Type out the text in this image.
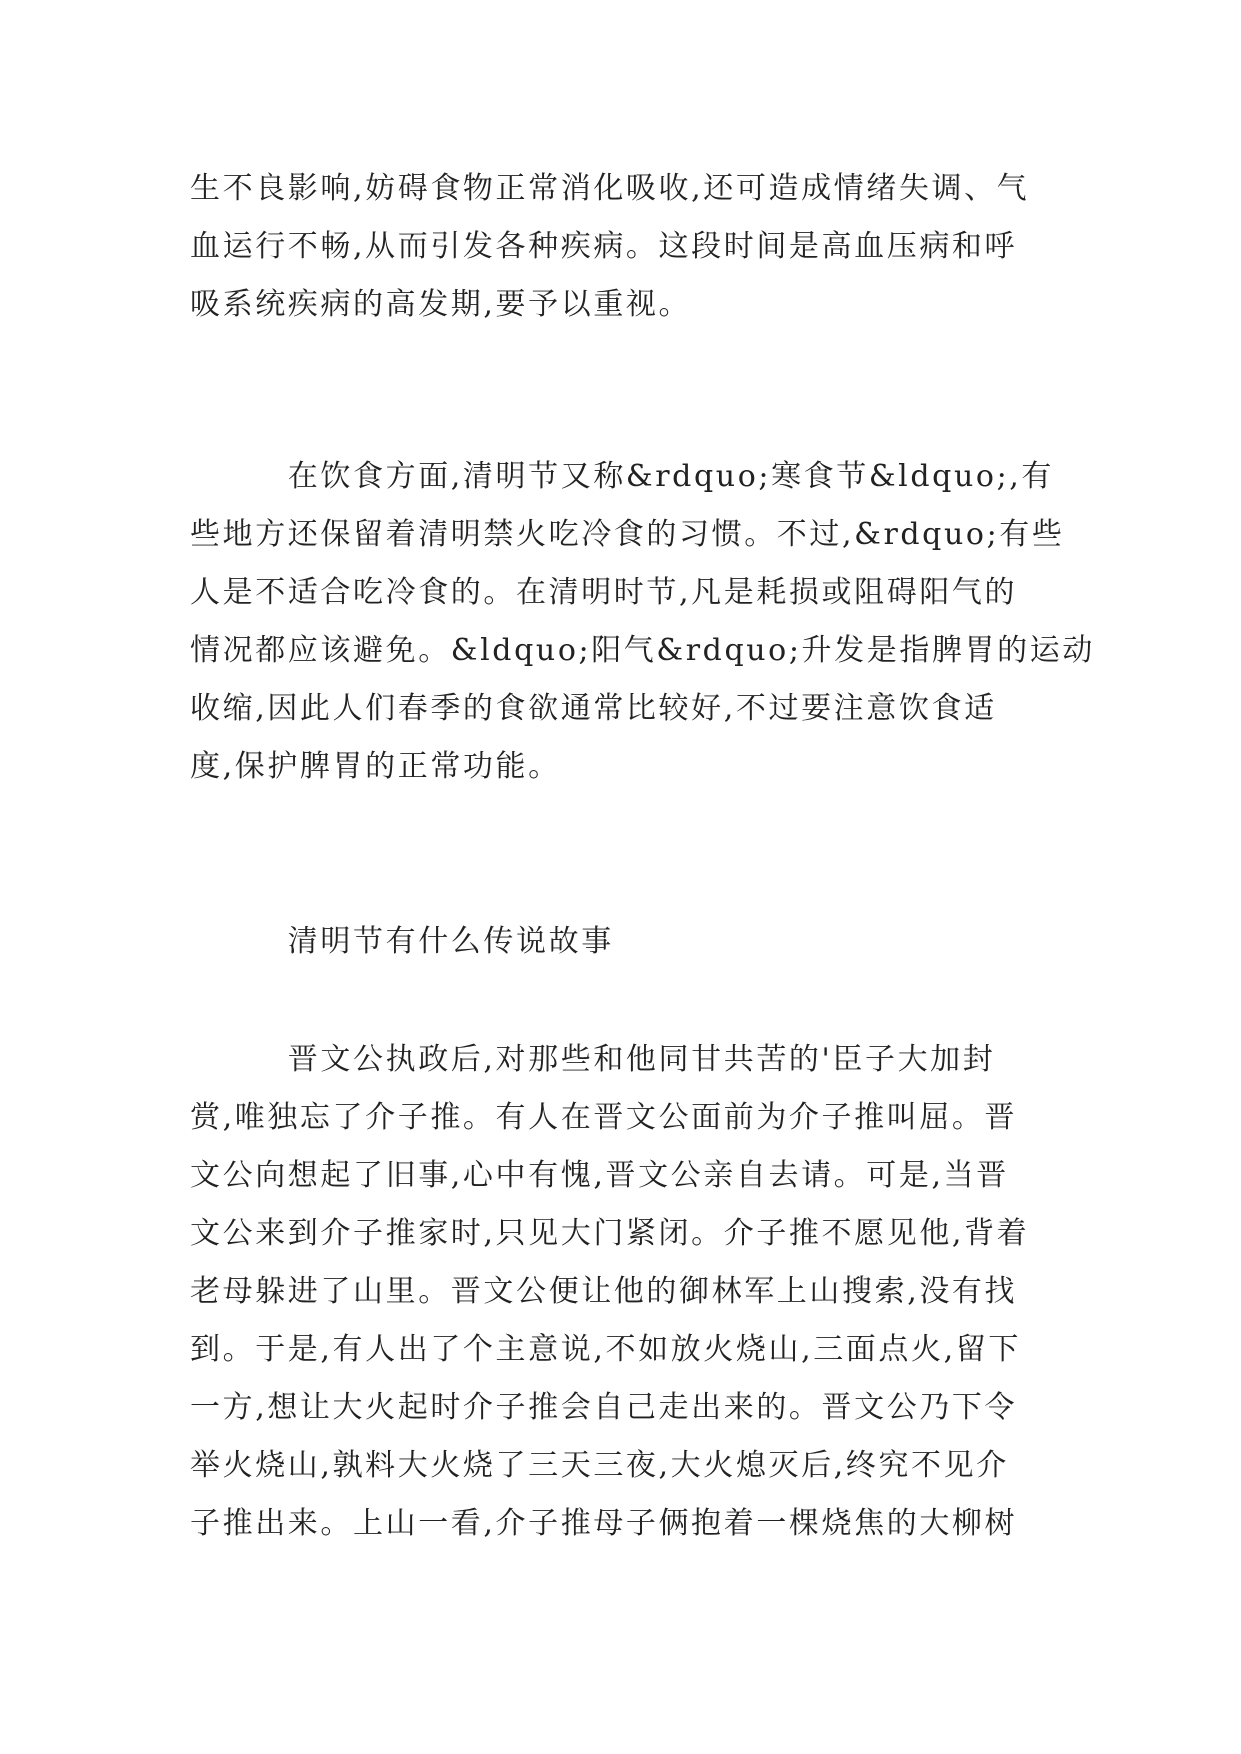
生不良影响,妨碍食物正常消化吸收,还可造成情绪失调、气
血运行不畅,从而引发各种疾病。这段时间是高血压病和呼
吸系统疾病的高发期,要予以重视。
　　　在饮食方面,清明节又称&rdquo;寒食节&ldquo;,有
些地方还保留着清明禁火吃冷食的习惯。不过,&rdquo;有些
人是不适合吃冷食的。在清明时节,凡是耗损或阻碍阳气的
情况都应该避免。&ldquo;阳气&rdquo;升发是指脾胃的运动
收缩,因此人们春季的食欲通常比较好,不过要注意饮食适
度,保护脾胃的正常功能。
　　　清明节有什么传说故事
　　　晋文公执政后,对那些和他同甘共苦的'臣子大加封
赏,唯独忘了介子推。有人在晋文公面前为介子推叫屈。晋
文公向想起了旧事,心中有愧,晋文公亲自去请。可是,当晋
文公来到介子推家时,只见大门紧闭。介子推不愿见他,背着
老母躲进了山里。晋文公便让他的御林军上山搜索,没有找
到。于是,有人出了个主意说,不如放火烧山,三面点火,留下
一方,想让大火起时介子推会自己走出来的。晋文公乃下令
举火烧山,孰料大火烧了三天三夜,大火熄灭后,终究不见介
子推出来。上山一看,介子推母子俩抱着一棵烧焦的大柳树
